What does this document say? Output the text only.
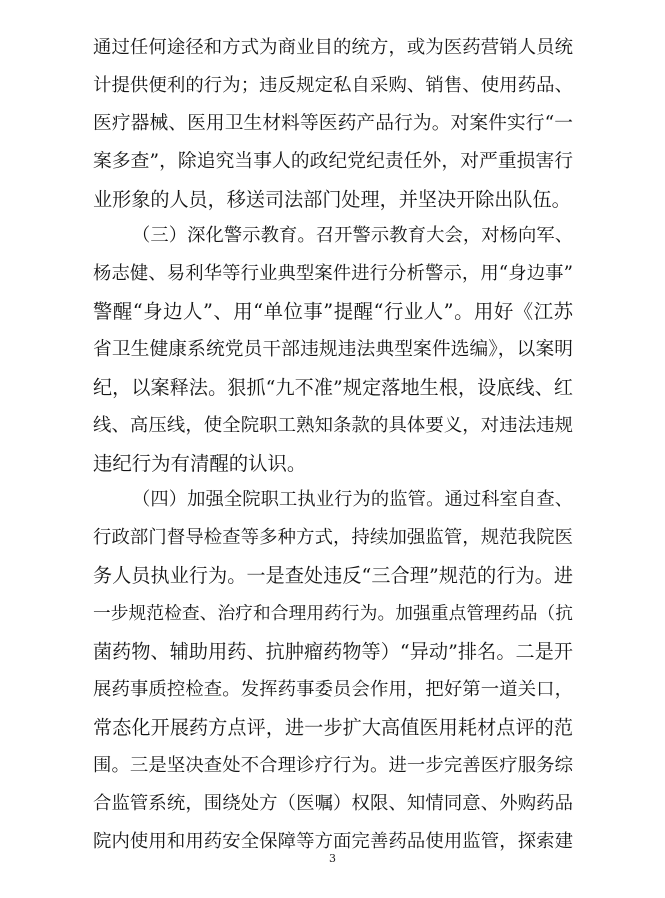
通过任何途径和方式为商业目的统方，或为医药营销人员统
计提供便利的行为；违反规定私自采购、销售、使用药品、
医疗器械、医用卫生材料等医药产品行为。对案件实行“一
案多查”，除追究当事人的政纪党纪责任外，对严重损害行
业形象的人员，移送司法部门处理，并坚决开除出队伍。
（三）深化警示教育。召开警示教育大会，对杨向军、
杨志健、易利华等行业典型案件进行分析警示，用“身边事”
警醒“身边人”、用“单位事”提醒“行业人”。用好《江苏
省卫生健康系统党员干部违规违法典型案件选编》，以案明
纪，以案释法。狠抓“九不准”规定落地生根，设底线、红
线、高压线，使全院职工熟知条款的具体要义，对违法违规
违纪行为有清醒的认识。
（四）加强全院职工执业行为的监管。通过科室自查、
行政部门督导检查等多种方式，持续加强监管，规范我院医
务人员执业行为。一是查处违反“三合理”规范的行为。进
一步规范检查、治疗和合理用药行为。加强重点管理药品（抗
菌药物、辅助用药、抗肿瘤药物等）“异动”排名。二是开
展药事质控检查。发挥药事委员会作用，把好第一道关口，
常态化开展药方点评，进一步扩大高值医用耗材点评的范
围。三是坚决查处不合理诊疗行为。进一步完善医疗服务综
合监管系统，围绕处方（医嘱）权限、知情同意、外购药品
院内使用和用药安全保障等方面完善药品使用监管，探索建
3
